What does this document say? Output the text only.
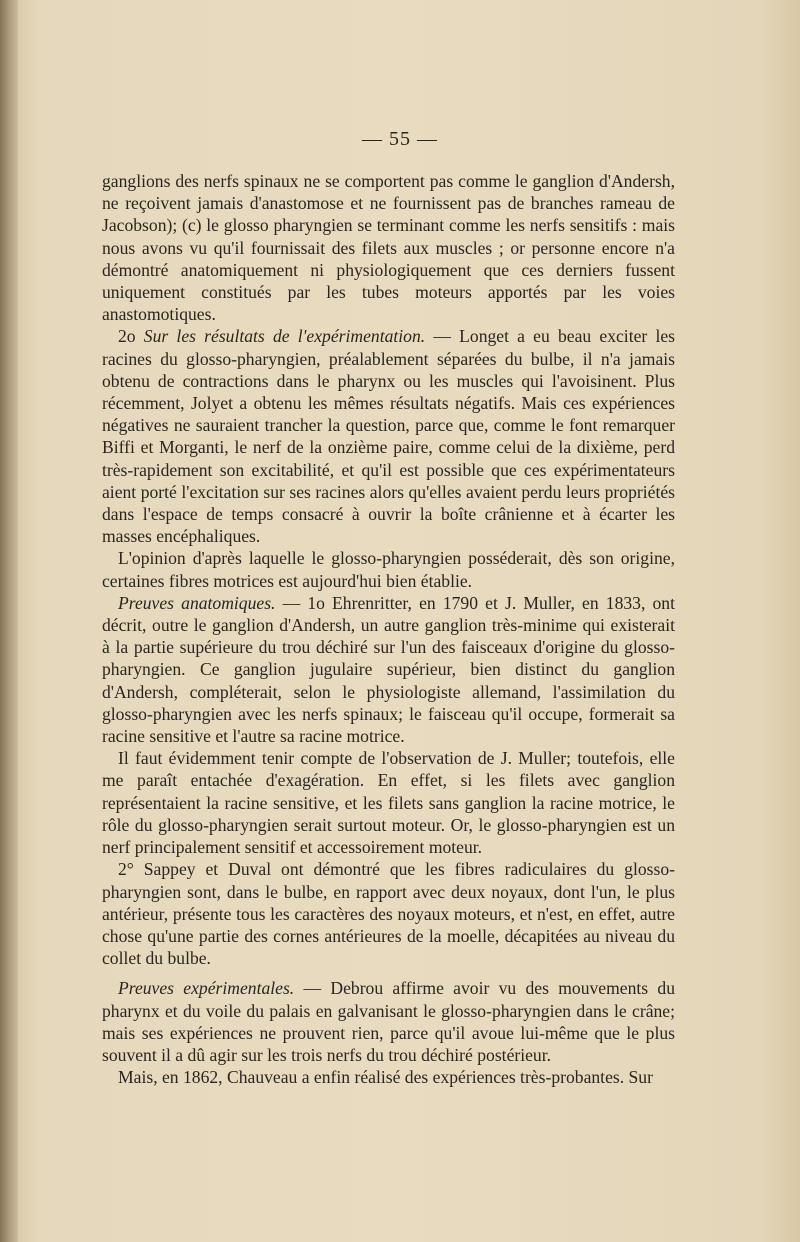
— 55 —

ganglions des nerfs spinaux ne se comportent pas comme le ganglion d'Andersh, ne reçoivent jamais d'anastomose et ne fournissent pas de branches rameau de Jacobson); (c) le glosso pharyngien se terminant comme les nerfs sensitifs : mais nous avons vu qu'il fournissait des filets aux muscles ; or personne encore n'a démontré anatomiquement ni physiologiquement que ces derniers fussent uniquement constitués par les tubes moteurs apportés par les voies anastomotiques.

2o Sur les résultats de l'expérimentation. — Longet a eu beau exciter les racines du glosso-pharyngien, préalablement séparées du bulbe, il n'a jamais obtenu de contractions dans le pharynx ou les muscles qui l'avoisinent. Plus récemment, Jolyet a obtenu les mêmes résultats négatifs. Mais ces expériences négatives ne sauraient trancher la question, parce que, comme le font remarquer Biffi et Morganti, le nerf de la onzième paire, comme celui de la dixième, perd très-rapidement son excitabilité, et qu'il est possible que ces expérimentateurs aient porté l'excitation sur ses racines alors qu'elles avaient perdu leurs propriétés dans l'espace de temps consacré à ouvrir la boîte crânienne et à écarter les masses encéphaliques.

L'opinion d'après laquelle le glosso-pharyngien posséderait, dès son origine, certaines fibres motrices est aujourd'hui bien établie.

Preuves anatomiques. — 1o Ehrenritter, en 1790 et J. Muller, en 1833, ont décrit, outre le ganglion d'Andersh, un autre ganglion très-minime qui existerait à la partie supérieure du trou déchiré sur l'un des faisceaux d'origine du glosso-pharyngien. Ce ganglion jugulaire supérieur, bien distinct du ganglion d'Andersh, compléterait, selon le physiologiste allemand, l'assimilation du glosso-pharyngien avec les nerfs spinaux; le faisceau qu'il occupe, formerait sa racine sensitive et l'autre sa racine motrice.

Il faut évidemment tenir compte de l'observation de J. Muller; toutefois, elle me paraît entachée d'exagération. En effet, si les filets avec ganglion représentaient la racine sensitive, et les filets sans ganglion la racine motrice, le rôle du glosso-pharyngien serait surtout moteur. Or, le glosso-pharyngien est un nerf principalement sensitif et accessoirement moteur.

2° Sappey et Duval ont démontré que les fibres radiculaires du glosso-pharyngien sont, dans le bulbe, en rapport avec deux noyaux, dont l'un, le plus antérieur, présente tous les caractères des noyaux moteurs, et n'est, en effet, autre chose qu'une partie des cornes antérieures de la moelle, décapitées au niveau du collet du bulbe.

Preuves expérimentales. — Debrou affirme avoir vu des mouvements du pharynx et du voile du palais en galvanisant le glosso-pharyngien dans le crâne; mais ses expériences ne prouvent rien, parce qu'il avoue lui-même que le plus souvent il a dû agir sur les trois nerfs du trou déchiré postérieur.

Mais, en 1862, Chauveau a enfin réalisé des expériences très-probantes. Sur
